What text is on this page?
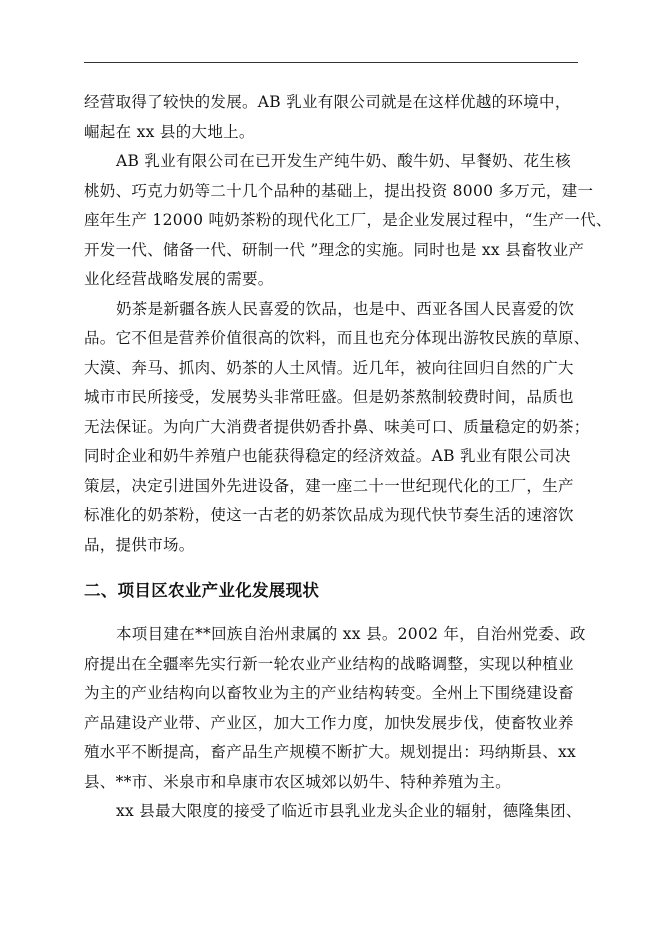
经营取得了较快的发展。AB 乳业有限公司就是在这样优越的环境中，
崛起在 xx 县的大地上。

AB 乳业有限公司在已开发生产纯牛奶、酸牛奶、早餐奶、花生核
桃奶、巧克力奶等二十几个品种的基础上，提出投资 8000 多万元，建一
座年生产 12000 吨奶茶粉的现代化工厂，是企业发展过程中，“生产一代、
开发一代、储备一代、研制一代 ”理念的实施。同时也是 xx 县畜牧业产
业化经营战略发展的需要。

奶茶是新疆各族人民喜爱的饮品，也是中、西亚各国人民喜爱的饮
品。它不但是营养价值很高的饮料，而且也充分体现出游牧民族的草原、
大漠、奔马、抓肉、奶茶的人土风情。近几年，被向往回归自然的广大
城市市民所接受，发展势头非常旺盛。但是奶茶熬制较费时间，品质也
无法保证。为向广大消费者提供奶香扑鼻、味美可口、质量稳定的奶茶；
同时企业和奶牛养殖户也能获得稳定的经济效益。AB 乳业有限公司决
策层，决定引进国外先进设备，建一座二十一世纪现代化的工厂，生产
标准化的奶茶粉，使这一古老的奶茶饮品成为现代快节奏生活的速溶饮
品，提供市场。

二、项目区农业产业化发展现状

本项目建在**回族自治州隶属的 xx 县。2002 年，自治州党委、政
府提出在全疆率先实行新一轮农业产业结构的战略调整，实现以种植业
为主的产业结构向以畜牧业为主的产业结构转变。全州上下围绕建设畜
产品建设产业带、产业区，加大工作力度，加快发展步伐，使畜牧业养
殖水平不断提高，畜产品生产规模不断扩大。规划提出：玛纳斯县、xx
县、**市、米泉市和阜康市农区城郊以奶牛、特种养殖为主。

xx 县最大限度的接受了临近市县乳业龙头企业的辐射，德隆集团、
